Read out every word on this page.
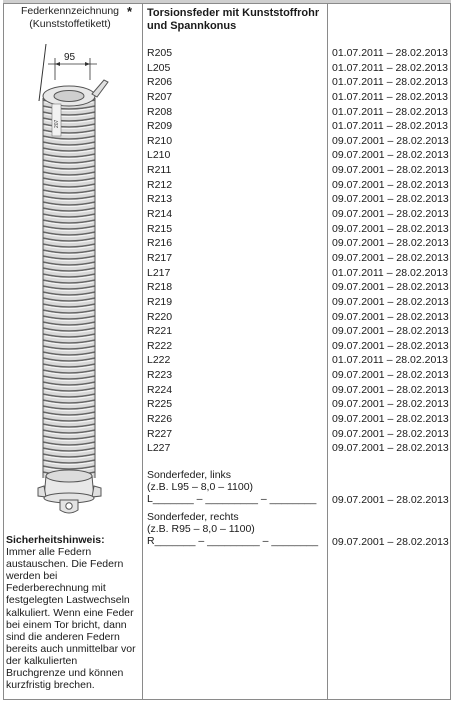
207
Federkennzeichnung
(Kunststoffetikett)
*
95
Torsionsfeder mit Kunststoffrohr
und Spannkonus
R205	01.07.2011 – 28.02.2013
L205	01.07.2011 – 28.02.2013
R206	01.07.2011 – 28.02.2013
R207	01.07.2011 – 28.02.2013
R208	01.07.2011 – 28.02.2013
R209	01.07.2011 – 28.02.2013
R210	09.07.2001 – 28.02.2013
L210	09.07.2001 – 28.02.2013
R211	09.07.2001 – 28.02.2013
R212	09.07.2001 – 28.02.2013
R213	09.07.2001 – 28.02.2013
R214	09.07.2001 – 28.02.2013
R215	09.07.2001 – 28.02.2013
R216	09.07.2001 – 28.02.2013
R217	09.07.2001 – 28.02.2013
L217	01.07.2011 – 28.02.2013
R218	09.07.2001 – 28.02.2013
R219	09.07.2001 – 28.02.2013
R220	09.07.2001 – 28.02.2013
R221	09.07.2001 – 28.02.2013
R222	09.07.2001 – 28.02.2013
L222	01.07.2011 – 28.02.2013
R223	09.07.2001 – 28.02.2013
R224	09.07.2001 – 28.02.2013
R225	09.07.2001 – 28.02.2013
R226	09.07.2001 – 28.02.2013
R227	09.07.2001 – 28.02.2013
L227	09.07.2001 – 28.02.2013
Sonderfeder, links
(z.B. L95 – 8,0 – 1100)
L_______ – _________ – ________	09.07.2001 – 28.02.2013
Sonderfeder, rechts
(z.B. R95 – 8,0 – 1100)
R_______ – _________ – ________	09.07.2001 – 28.02.2013
Sicherheitshinweis:
Immer alle Federn austauschen. Die Federn werden bei Federberechnung mit festgelegten Lastwechseln kalkuliert. Wenn eine Feder bei einem Tor bricht, dann sind die anderen Federn bereits auch unmittelbar vor der kalkulierten Bruchgrenze und können kurzfristig brechen.
